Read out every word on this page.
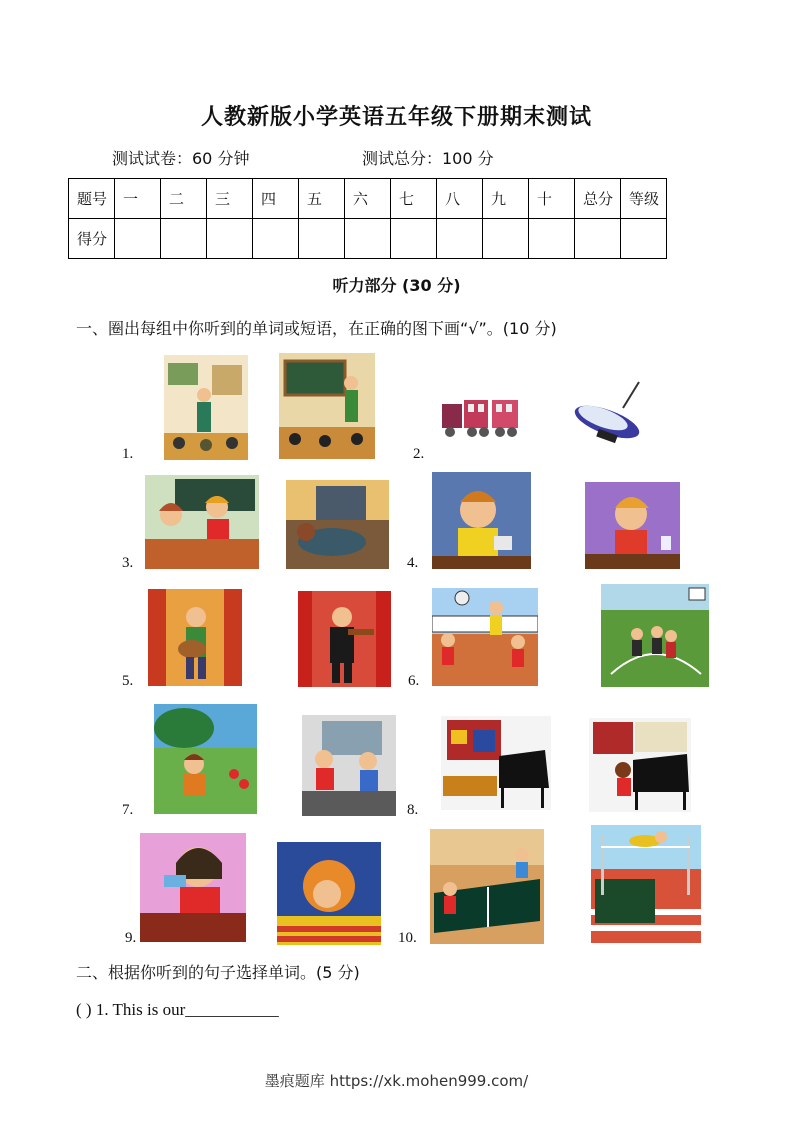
人教新版小学英语五年级下册期末测试
测试试卷：60 分钟	测试总分：100 分
题号	一	二	三	四	五	六	七	八	九	十	总分	等级
得分												
听力部分 (30 分)
一、圈出每组中你听到的单词或短语，在正确的图下画“√”。(10 分)
1.	2.
3.	4.
5.	6.
7.	8.
9.	10.
二、根据你听到的句子选择单词。(5 分)
( ) 1. This is our___________
墨痕题库 https://xk.mohen999.com/
